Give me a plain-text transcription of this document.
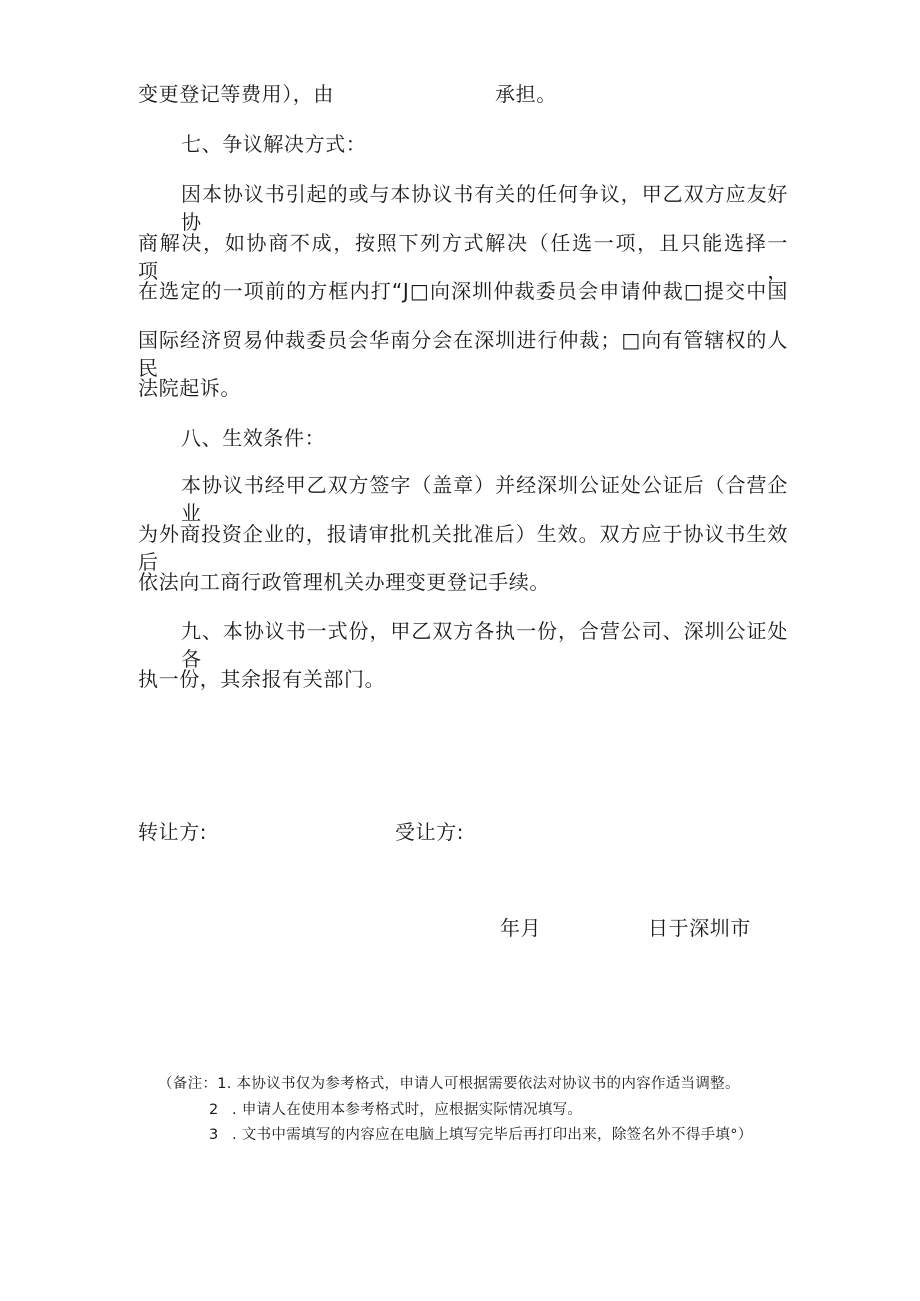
变更登记等费用），由	承担。
七、争议解决方式：
因本协议书引起的或与本协议书有关的任何争议，甲乙双方应友好协
商解决，如协商不成，按照下列方式解决（任选一项，且只能选择一项，
在选定的一项前的方框内打“J□向深圳仲裁委员会申请仲裁□提交中国
国际经济贸易仲裁委员会华南分会在深圳进行仲裁；□向有管辖权的人民
法院起诉。
八、生效条件：
本协议书经甲乙双方签字（盖章）并经深圳公证处公证后（合营企业
为外商投资企业的，报请审批机关批准后）生效。双方应于协议书生效后
依法向工商行政管理机关办理变更登记手续。
九、本协议书一式份，甲乙双方各执一份，合营公司、深圳公证处各
执一份，其余报有关部门。
转让方:	受让方:
年月	日于深圳市
（备注：1. 本协议书仅为参考格式，申请人可根据需要依法对协议书的内容作适当调整。
2 . 申请人在使用本参考格式时，应根据实际情况填写。
3 . 文书中需填写的内容应在电脑上填写完毕后再打印出来，除签名外不得手填°）
